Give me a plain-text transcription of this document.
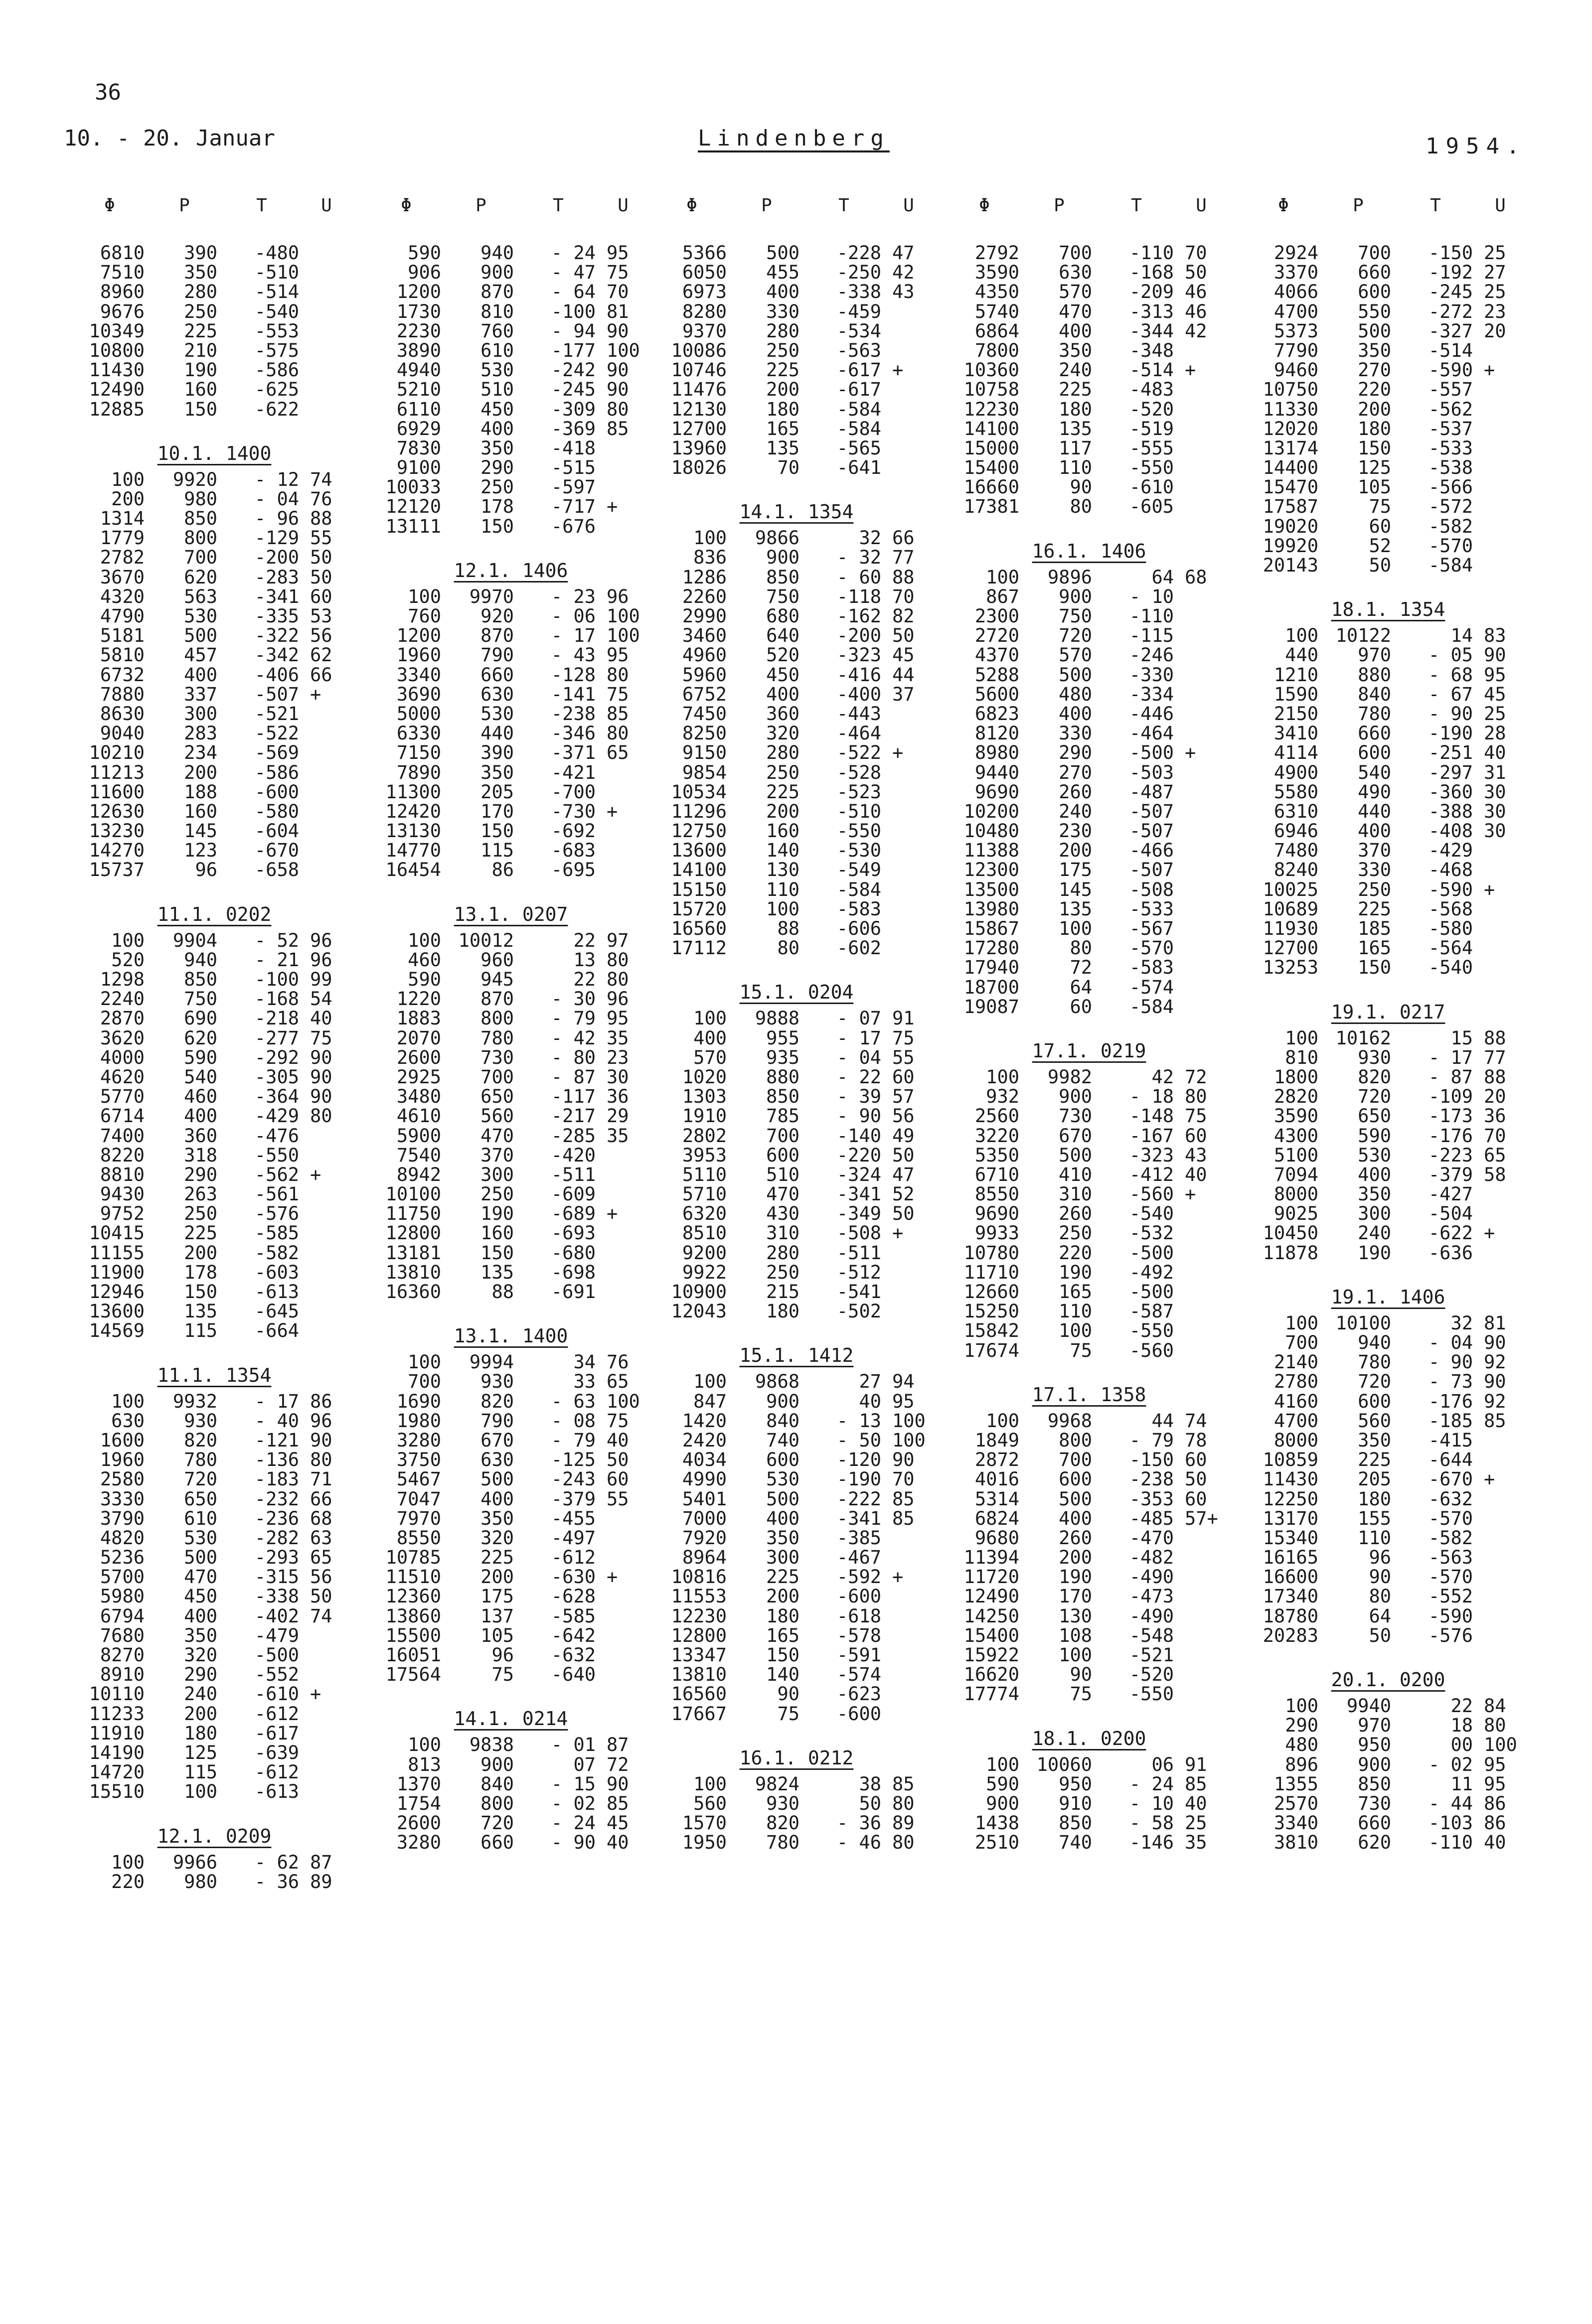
36
10. - 20. Januar	Lindenberg	1954.
Φ	P	T	U
6810	390	-480
7510	350	-510
8960	280	-514
9676	250	-540
10349	225	-553
10800	210	-575
11430	190	-586
12490	160	-625
12885	150	-622
10.1. 1400
100	9920	- 12 74
200	980	- 04 76
1314	850	- 96 88
1779	800	-129 55
2782	700	-200 50
3670	620	-283 50
4320	563	-341 60
4790	530	-335 53
5181	500	-322 56
5810	457	-342 62
6732	400	-406 66
7880	337	-507 +
8630	300	-521
9040	283	-522
10210	234	-569
11213	200	-586
11600	188	-600
12630	160	-580
13230	145	-604
14270	123	-670
15737	96	-658
11.1. 0202
100	9904	- 52 96
520	940	- 21 96
1298	850	-100 99
2240	750	-168 54
2870	690	-218 40
3620	620	-277 75
4000	590	-292 90
4620	540	-305 90
5770	460	-364 90
6714	400	-429 80
7400	360	-476
8220	318	-550
8810	290	-562 +
9430	263	-561
9752	250	-576
10415	225	-585
11155	200	-582
11900	178	-603
12946	150	-613
13600	135	-645
14569	115	-664
11.1. 1354
100	9932	- 17 86
630	930	- 40 96
1600	820	-121 90
1960	780	-136 80
2580	720	-183 71
3330	650	-232 66
3790	610	-236 68
4820	530	-282 63
5236	500	-293 65
5700	470	-315 56
5980	450	-338 50
6794	400	-402 74
7680	350	-479
8270	320	-500
8910	290	-552
10110	240	-610 +
11233	200	-612
11910	180	-617
14190	125	-639
14720	115	-612
15510	100	-613
12.1. 0209
100	9966	- 62 87
220	980	- 36 89
Φ	P	T	U
590	940	- 24 95
906	900	- 47 75
1200	870	- 64 70
1730	810	-100 81
2230	760	- 94 90
3890	610	-177 100
4940	530	-242 90
5210	510	-245 90
6110	450	-309 80
6929	400	-369 85
7830	350	-418
9100	290	-515
10033	250	-597
12120	178	-717 +
13111	150	-676
12.1. 1406
100	9970	- 23 96
760	920	- 06 100
1200	870	- 17 100
1960	790	- 43 95
3340	660	-128 80
3690	630	-141 75
5000	530	-238 85
6330	440	-346 80
7150	390	-371 65
7890	350	-421
11300	205	-700
12420	170	-730 +
13130	150	-692
14770	115	-683
16454	86	-695
13.1. 0207
100 10012	22 97
460	960	13 80
590	945	22 80
1220	870	- 30 96
1883	800	- 79 95
2070	780	- 42 35
2600	730	- 80 23
2925	700	- 87 30
3480	650	-117 36
4610	560	-217 29
5900	470	-285 35
7540	370	-420
8942	300	-511
10100	250	-609
11750	190	-689 +
12800	160	-693
13181	150	-680
13810	135	-698
16360	88	-691
13.1. 1400
100	9994	34 76
700	930	33 65
1690	820	- 63 100
1980	790	- 08 75
3280	670	- 79 40
3750	630	-125 50
5467	500	-243 60
7047	400	-379 55
7970	350	-455
8550	320	-497
10785	225	-612
11510	200	-630 +
12360	175	-628
13860	137	-585
15500	105	-642
16051	96	-632
17564	75	-640
14.1. 0214
100	9838	- 01 87
813	900	07 72
1370	840	- 15 90
1754	800	- 02 85
2600	720	- 24 45
3280	660	- 90 40
Φ	P	T	U
5366	500	-228 47
6050	455	-250 42
6973	400	-338 43
8280	330	-459
9370	280	-534
10086	250	-563
10746	225	-617 +
11476	200	-617
12130	180	-584
12700	165	-584
13960	135	-565
18026	70	-641
14.1. 1354
100	9866	32 66
836	900	- 32 77
1286	850	- 60 88
2260	750	-118 70
2990	680	-162 82
3460	640	-200 50
4960	520	-323 45
5960	450	-416 44
6752	400	-400 37
7450	360	-443
8250	320	-464
9150	280	-522 +
9854	250	-528
10534	225	-523
11296	200	-510
12750	160	-550
13600	140	-530
14100	130	-549
15150	110	-584
15720	100	-583
16560	88	-606
17112	80	-602
15.1. 0204
100	9888	- 07 91
400	955	- 17 75
570	935	- 04 55
1020	880	- 22 60
1303	850	- 39 57
1910	785	- 90 56
2802	700	-140 49
3953	600	-220 50
5110	510	-324 47
5710	470	-341 52
6320	430	-349 50
8510	310	-508 +
9200	280	-511
9922	250	-512
10900	215	-541
12043	180	-502
15.1. 1412
100	9868	27 94
847	900	40 95
1420	840	- 13 100
2420	740	- 50 100
4034	600	-120 90
4990	530	-190 70
5401	500	-222 85
7000	400	-341 85
7920	350	-385
8964	300	-467
10816	225	-592 +
11553	200	-600
12230	180	-618
12800	165	-578
13347	150	-591
13810	140	-574
16560	90	-623
17667	75	-600
16.1. 0212
100	9824	38 85
560	930	50 80
1570	820	- 36 89
1950	780	- 46 80
Φ	P	T	U
2792	700	-110 70
3590	630	-168 50
4350	570	-209 46
5740	470	-313 46
6864	400	-344 42
7800	350	-348
10360	240	-514 +
10758	225	-483
12230	180	-520
14100	135	-519
15000	117	-555
15400	110	-550
16660	90	-610
17381	80	-605
16.1. 1406
100	9896	64 68
867	900	- 10
2300	750	-110
2720	720	-115
4370	570	-246
5288	500	-330
5600	480	-334
6823	400	-446
8120	330	-464
8980	290	-500 +
9440	270	-503
9690	260	-487
10200	240	-507
10480	230	-507
11388	200	-466
12300	175	-507
13500	145	-508
13980	135	-533
15867	100	-567
17280	80	-570
17940	72	-583
18700	64	-574
19087	60	-584
17.1. 0219
100	9982	42 72
932	900	- 18 80
2560	730	-148 75
3220	670	-167 60
5350	500	-323 43
6710	410	-412 40
8550	310	-560 +
9690	260	-540
9933	250	-532
10780	220	-500
11710	190	-492
12660	165	-500
15250	110	-587
15842	100	-550
17674	75	-560
17.1. 1358
100	9968	44 74
1849	800	- 79 78
2872	700	-150 60
4016	600	-238 50
5314	500	-353 60
6824	400	-485 57+
9680	260	-470
11394	200	-482
11720	190	-490
12490	170	-473
14250	130	-490
15400	108	-548
15922	100	-521
16620	90	-520
17774	75	-550
18.1. 0200
100 10060	06 91
590	950	- 24 85
900	910	- 10 40
1438	850	- 58 25
2510	740	-146 35
Φ	P	T	U
2924	700	-150 25
3370	660	-192 27
4066	600	-245 25
4700	550	-272 23
5373	500	-327 20
7790	350	-514
9460	270	-590 +
10750	220	-557
11330	200	-562
12020	180	-537
13174	150	-533
14400	125	-538
15470	105	-566
17587	75	-572
19020	60	-582
19920	52	-570
20143	50	-584
18.1. 1354
100 10122	14 83
440	970	- 05 90
1210	880	- 68 95
1590	840	- 67 45
2150	780	- 90 25
3410	660	-190 28
4114	600	-251 40
4900	540	-297 31
5580	490	-360 30
6310	440	-388 30
6946	400	-408 30
7480	370	-429
8240	330	-468
10025	250	-590 +
10689	225	-568
11930	185	-580
12700	165	-564
13253	150	-540
19.1. 0217
100 10162	15 88
810	930	- 17 77
1800	820	- 87 88
2820	720	-109 20
3590	650	-173 36
4300	590	-176 70
5100	530	-223 65
7094	400	-379 58
8000	350	-427
9025	300	-504
10450	240	-622 +
11878	190	-636
19.1. 1406
100 10100	32 81
700	940	- 04 90
2140	780	- 90 92
2780	720	- 73 90
4160	600	-176 92
4700	560	-185 85
8000	350	-415
10859	225	-644
11430	205	-670 +
12250	180	-632
13170	155	-570
15340	110	-582
16165	96	-563
16600	90	-570
17340	80	-552
18780	64	-590
20283	50	-576
20.1. 0200
100	9940	22 84
290	970	18 80
480	950	00 100
896	900	- 02 95
1355	850	11 95
2570	730	- 44 86
3340	660	-103 86
3810	620	-110 40
